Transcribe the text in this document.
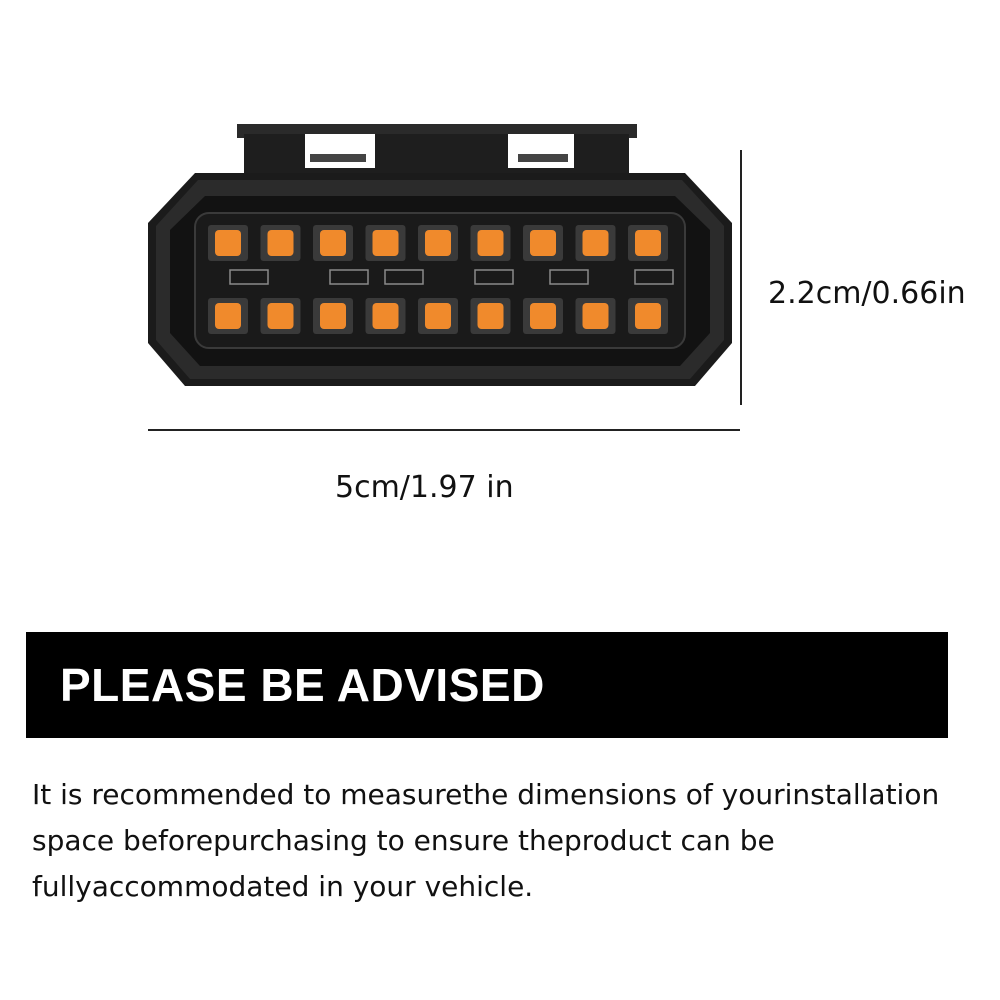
2.2cm/0.66in
5cm/1.97 in
PLEASE BE ADVISED
It is recommended to measurethe dimensions of yourinstallation space beforepurchasing to ensure theproduct can be fullyaccommodated in your vehicle.
